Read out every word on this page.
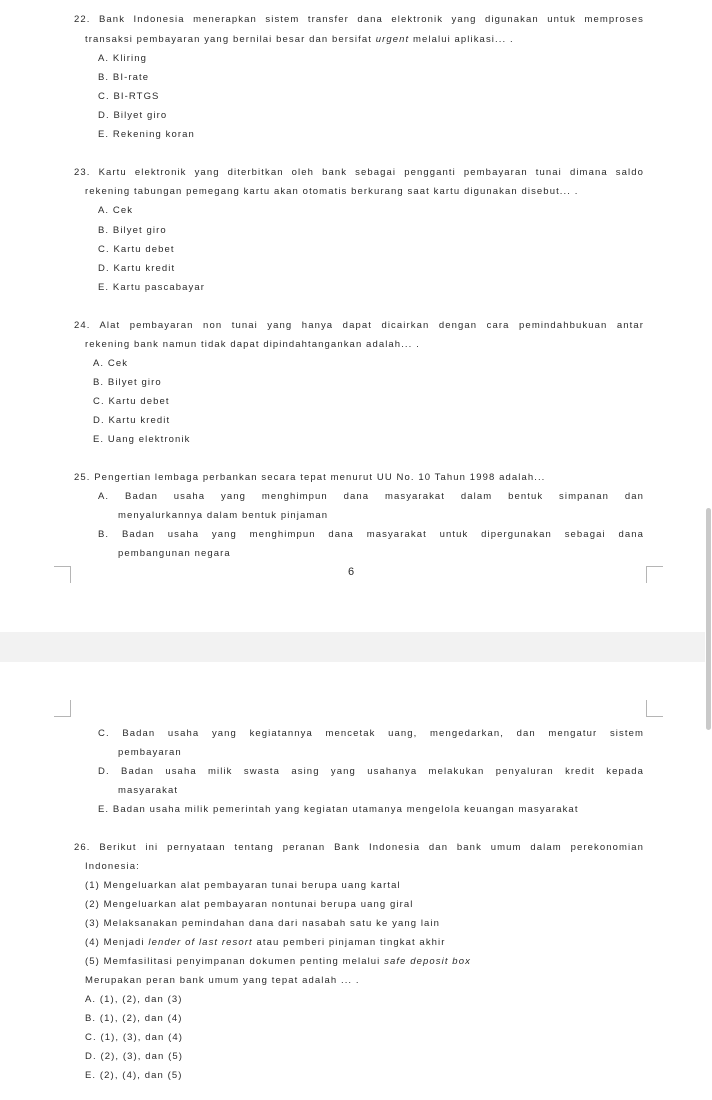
22. Bank Indonesia menerapkan sistem transfer dana elektronik yang digunakan untuk memproses
transaksi pembayaran yang bernilai besar dan bersifat urgent melalui aplikasi... .
A. Kliring
B. BI-rate
C. BI-RTGS
D. Bilyet giro
E. Rekening koran
23. Kartu elektronik yang diterbitkan oleh bank sebagai pengganti pembayaran tunai dimana saldo
rekening tabungan pemegang kartu akan otomatis berkurang saat kartu digunakan disebut... .
A. Cek
B. Bilyet giro
C. Kartu debet
D. Kartu kredit
E. Kartu pascabayar
24. Alat pembayaran non tunai yang hanya dapat dicairkan dengan cara pemindahbukuan antar
rekening bank namun tidak dapat dipindahtangankan adalah... .
A. Cek
B. Bilyet giro
C. Kartu debet
D. Kartu kredit
E. Uang elektronik
25. Pengertian lembaga perbankan secara tepat menurut UU No. 10 Tahun 1998 adalah...
A. Badan usaha yang menghimpun dana masyarakat dalam bentuk simpanan dan
menyalurkannya dalam bentuk pinjaman
B. Badan usaha yang menghimpun dana masyarakat untuk dipergunakan sebagai dana
pembangunan negara
6
C. Badan usaha yang kegiatannya mencetak uang, mengedarkan, dan mengatur sistem
pembayaran
D. Badan usaha milik swasta asing yang usahanya melakukan penyaluran kredit kepada
masyarakat
E. Badan usaha milik pemerintah yang kegiatan utamanya mengelola keuangan masyarakat
26. Berikut ini pernyataan tentang peranan Bank Indonesia dan bank umum dalam perekonomian
Indonesia:
(1) Mengeluarkan alat pembayaran tunai berupa uang kartal
(2) Mengeluarkan alat pembayaran nontunai berupa uang giral
(3) Melaksanakan pemindahan dana dari nasabah satu ke yang lain
(4) Menjadi lender of last resort atau pemberi pinjaman tingkat akhir
(5) Memfasilitasi penyimpanan dokumen penting melalui safe deposit box
Merupakan peran bank umum yang tepat adalah ... .
A. (1), (2), dan (3)
B. (1), (2), dan (4)
C. (1), (3), dan (4)
D. (2), (3), dan (5)
E. (2), (4), dan (5)
